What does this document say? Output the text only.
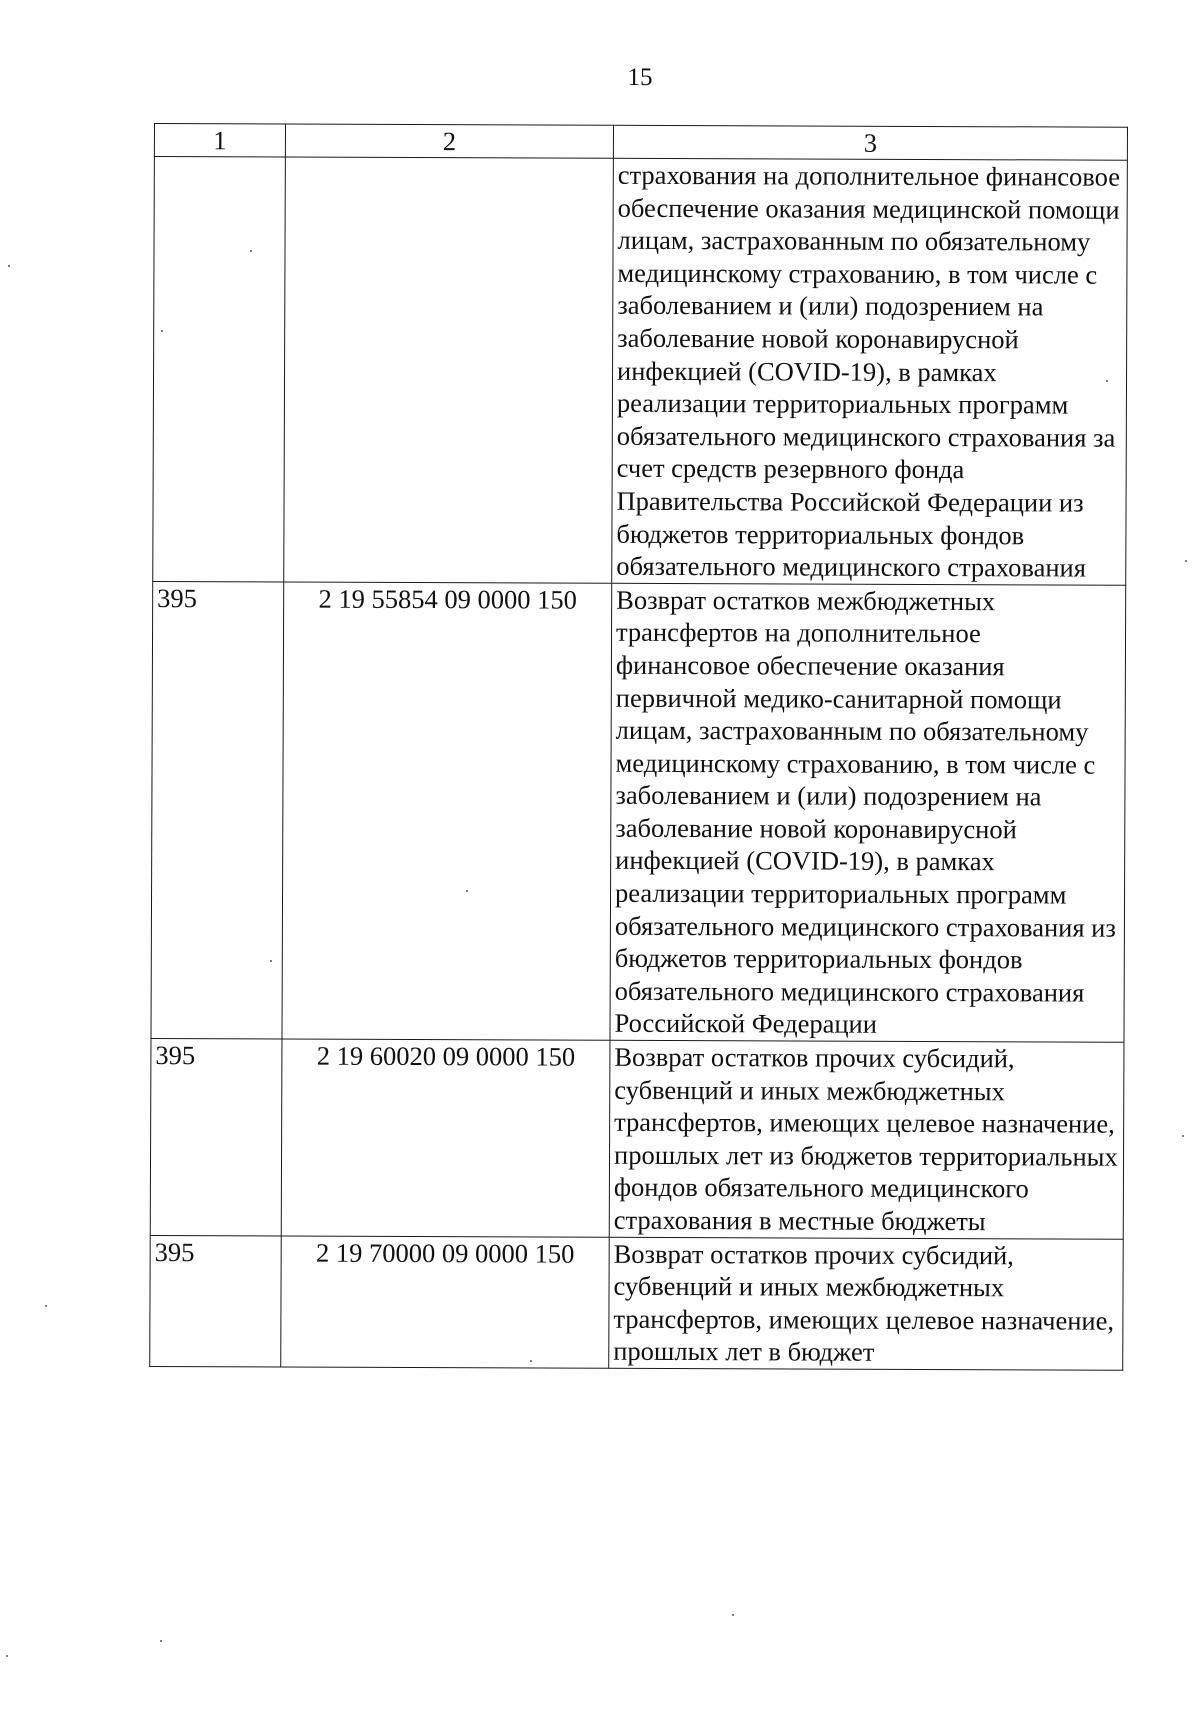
15
1	2	3
		страхования на дополнительное финансовое обеспечение оказания медицинской помощи лицам, застрахованным по обязательному медицинскому страхованию, в том числе с заболеванием и (или) подозрением на заболевание новой коронавирусной инфекцией (COVID-19), в рамках реализации территориальных программ обязательного медицинского страхования за счет средств резервного фонда Правительства Российской Федерации из бюджетов территориальных фондов обязательного медицинского страхования
395	2 19 55854 09 0000 150	Возврат остатков межбюджетных трансфертов на дополнительное финансовое обеспечение оказания первичной медико-санитарной помощи лицам, застрахованным по обязательному медицинскому страхованию, в том числе с заболеванием и (или) подозрением на заболевание новой коронавирусной инфекцией (COVID-19), в рамках реализации территориальных программ обязательного медицинского страхования из бюджетов территориальных фондов обязательного медицинского страхования Российской Федерации
395	2 19 60020 09 0000 150	Возврат остатков прочих субсидий, субвенций и иных межбюджетных трансфертов, имеющих целевое назначение, прошлых лет из бюджетов территориальных фондов обязательного медицинского страхования в местные бюджеты
395	2 19 70000 09 0000 150	Возврат остатков прочих субсидий, субвенций и иных межбюджетных трансфертов, имеющих целевое назначение, прошлых лет в бюджет
